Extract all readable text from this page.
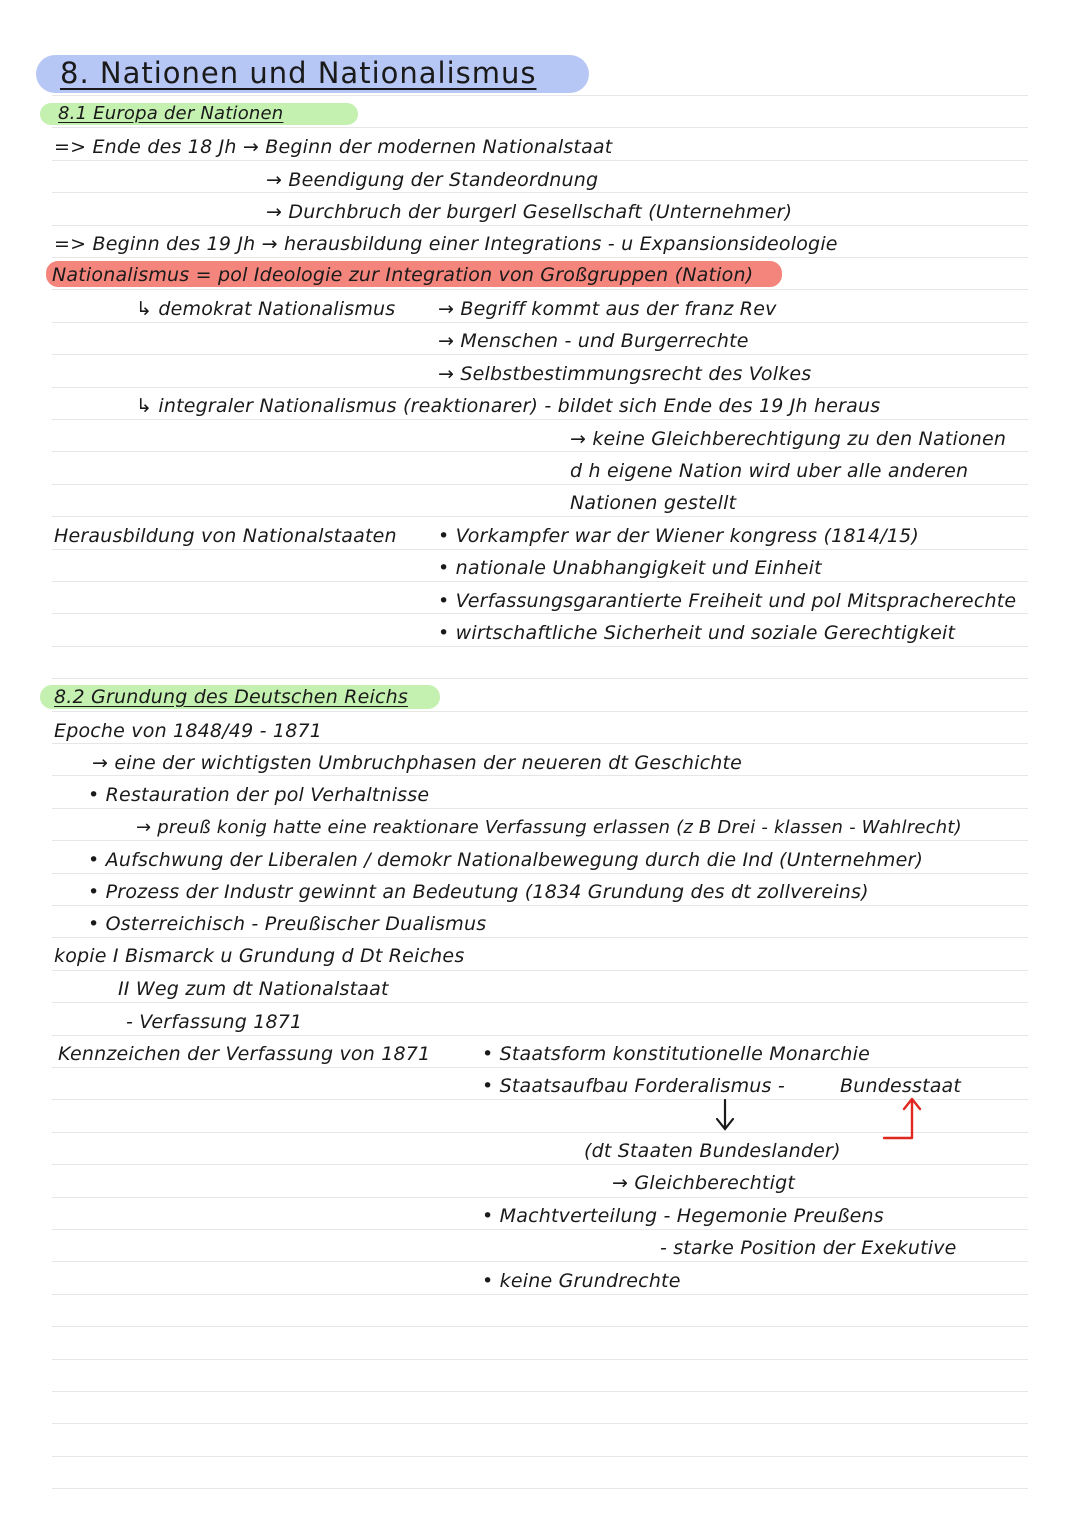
8. Nationen und Nationalismus
8.1 Europa der Nationen
=> Ende des 18 Jh → Beginn der modernen Nationalstaat
→ Beendigung der Standeordnung
→ Durchbruch der burgerl Gesellschaft (Unternehmer)
=> Beginn des 19 Jh → herausbildung einer Integrations - u Expansionsideologie
Nationalismus = pol Ideologie zur Integration von Großgruppen (Nation)
↳ demokrat Nationalismus → Begriff kommt aus der franz Rev
→ Menschen - und Burgerrechte
→ Selbstbestimmungsrecht des Volkes
↳ integraler Nationalismus (reaktionarer) - bildet sich Ende des 19 Jh heraus
→ keine Gleichberechtigung zu den Nationen
d h eigene Nation wird uber alle anderen
Nationen gestellt
Herausbildung von Nationalstaaten • Vorkampfer war der Wiener kongress (1814/15)
• nationale Unabhangigkeit und Einheit
• Verfassungsgarantierte Freiheit und pol Mitspracherechte
• wirtschaftliche Sicherheit und soziale Gerechtigkeit
8.2 Grundung des Deutschen Reichs
Epoche von 1848/49 - 1871
→ eine der wichtigsten Umbruchphasen der neueren dt Geschichte
• Restauration der pol Verhaltnisse
→ preuß konig hatte eine reaktionare Verfassung erlassen (z B Drei - klassen - Wahlrecht)
• Aufschwung der Liberalen / demokr Nationalbewegung durch die Ind (Unternehmer)
• Prozess der Industr gewinnt an Bedeutung (1834 Grundung des dt zollvereins)
• Osterreichisch - Preußischer Dualismus
kopie I Bismarck u Grundung d Dt Reiches
II Weg zum dt Nationalstaat
- Verfassung 1871
Kennzeichen der Verfassung von 1871	• Staatsform konstitutionelle Monarchie
• Staatsaufbau Forderalismus -	Bundesstaat
(dt Staaten Bundeslander)
→ Gleichberechtigt
• Machtverteilung - Hegemonie Preußens
- starke Position der Exekutive
• keine Grundrechte
